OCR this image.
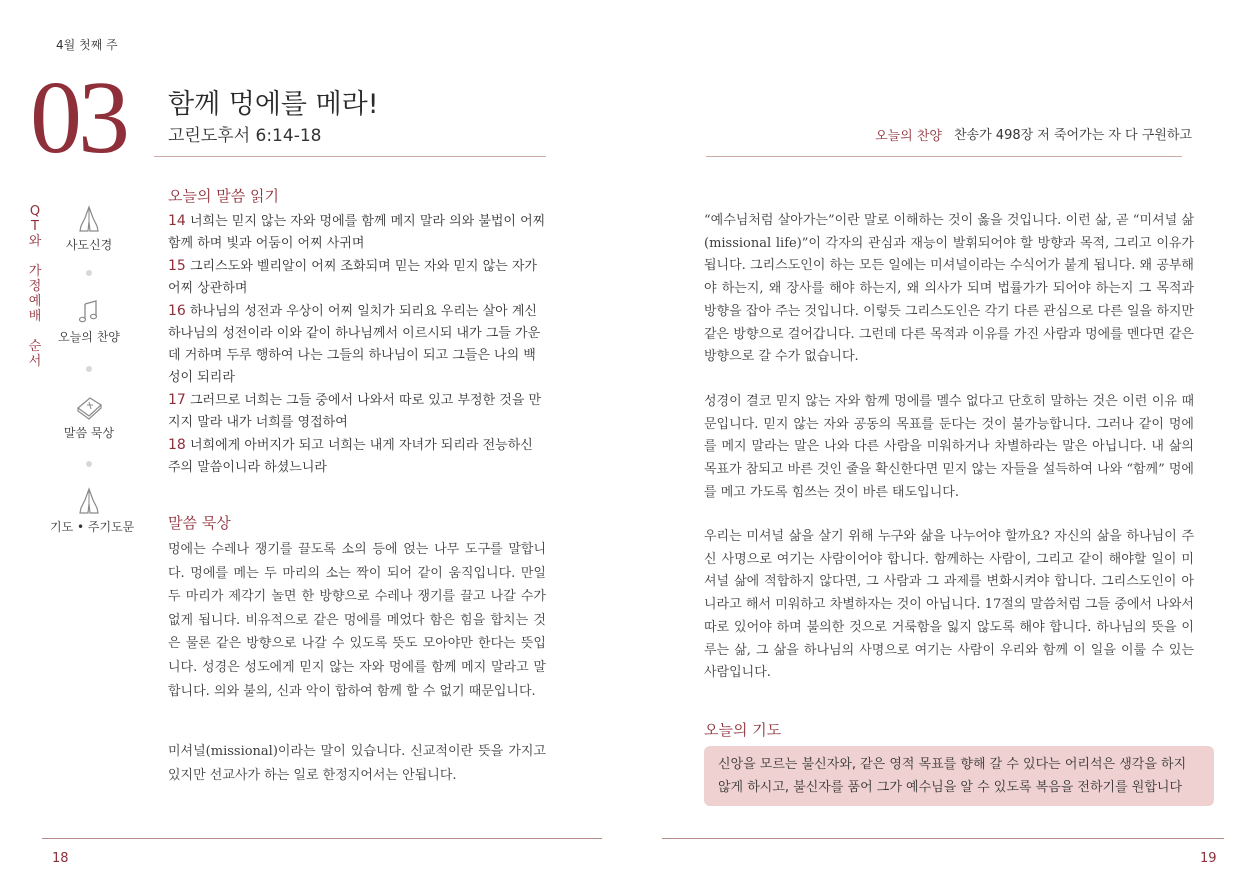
4월 첫째 주
03 함께 멍에를 메라!
고린도후서 6:14-18
Q
T
와
가
정
예
배
순
서
사도신경
오늘의 찬양
말씀 묵상
기도 • 주기도문
오늘의 말씀 읽기

14 너희는 믿지 않는 자와 멍에를 함께 메지 말라 의와 불법이 어찌 함께 하며 빛과 어둠이 어찌 사귀며

15 그리스도와 벨리알이 어찌 조화되며 믿는 자와 믿지 않는 자가 어찌 상관하며

16 하나님의 성전과 우상이 어찌 일치가 되리요 우리는 살아 계신 하나님의 성전이라 이와 같이 하나님께서 이르시되 내가 그들 가운데 거하며 두루 행하여 나는 그들의 하나님이 되고 그들은 나의 백성이 되리라

17 그러므로 너희는 그들 중에서 나와서 따로 있고 부정한 것을 만지지 말라 내가 너희를 영접하여

18 너희에게 아버지가 되고 너희는 내게 자녀가 되리라 전능하신 주의 말씀이니라 하셨느니라

말씀 묵상

멍에는 수레나 쟁기를 끌도록 소의 등에 얹는 나무 도구를 말합니다. 멍에를 메는 두 마리의 소는 짝이 되어 같이 움직입니다. 만일 두 마리가 제각기 놀면 한 방향으로 수레나 쟁기를 끌고 나갈 수가 없게 됩니다. 비유적으로 같은 멍에를 메었다 함은 힘을 합치는 것은 물론 같은 방향으로 나갈 수 있도록 뜻도 모아야만 한다는 뜻입니다. 성경은 성도에게 믿지 않는 자와 멍에를 함께 메지 말라고 말합니다. 의와 불의, 신과 악이 합하여 함께 할 수 없기 때문입니다.

미셔널(missional)이라는 말이 있습니다. 신교적이란 뜻을 가지고 있지만 선교사가 하는 일로 한정지어서는 안됩니다.

18
오늘의 찬양 찬송가 498장 저 죽어가는 자 다 구원하고

“예수님처럼 살아가는”이란 말로 이해하는 것이 옳을 것입니다. 이런 삶, 곧 “미셔널 삶(missional life)”이 각자의 관심과 재능이 발휘되어야 할 방향과 목적, 그리고 이유가 됩니다. 그리스도인이 하는 모든 일에는 미셔널이라는 수식어가 붙게 됩니다. 왜 공부해야 하는지, 왜 장사를 해야 하는지, 왜 의사가 되며 법률가가 되어야 하는지 그 목적과 방향을 잡아 주는 것입니다. 이렇듯 그리스도인은 각기 다른 관심으로 다른 일을 하지만 같은 방향으로 걸어갑니다. 그런데 다른 목적과 이유를 가진 사람과 멍에를 멘다면 같은 방향으로 갈 수가 없습니다.

성경이 결코 믿지 않는 자와 함께 멍에를 멜수 없다고 단호히 말하는 것은 이런 이유 때문입니다. 믿지 않는 자와 공동의 목표를 둔다는 것이 불가능합니다. 그러나 같이 멍에를 메지 말라는 말은 나와 다른 사람을 미워하거나 차별하라는 말은 아닙니다. 내 삶의 목표가 참되고 바른 것인 줄을 확신한다면 믿지 않는 자들을 설득하여 나와 “함께” 멍에를 메고 가도록 힘쓰는 것이 바른 태도입니다.

우리는 미셔널 삶을 살기 위해 누구와 삶을 나누어야 할까요? 자신의 삶을 하나님이 주신 사명으로 여기는 사람이어야 합니다. 함께하는 사람이, 그리고 같이 해야할 일이 미셔널 삶에 적합하지 않다면, 그 사람과 그 과제를 변화시켜야 합니다. 그리스도인이 아니라고 해서 미워하고 차별하자는 것이 아닙니다. 17절의 말씀처럼 그들 중에서 나와서 따로 있어야 하며 불의한 것으로 거룩함을 잃지 않도록 해야 합니다. 하나님의 뜻을 이루는 삶, 그 삶을 하나님의 사명으로 여기는 사람이 우리와 함께 이 일을 이룰 수 있는 사람입니다.

오늘의 기도
신앙을 모르는 불신자와, 같은 영적 목표를 향해 갈 수 있다는 어리석은 생각을 하지 않게 하시고, 불신자를 품어 그가 예수님을 알 수 있도록 복음을 전하기를 원합니다
19
